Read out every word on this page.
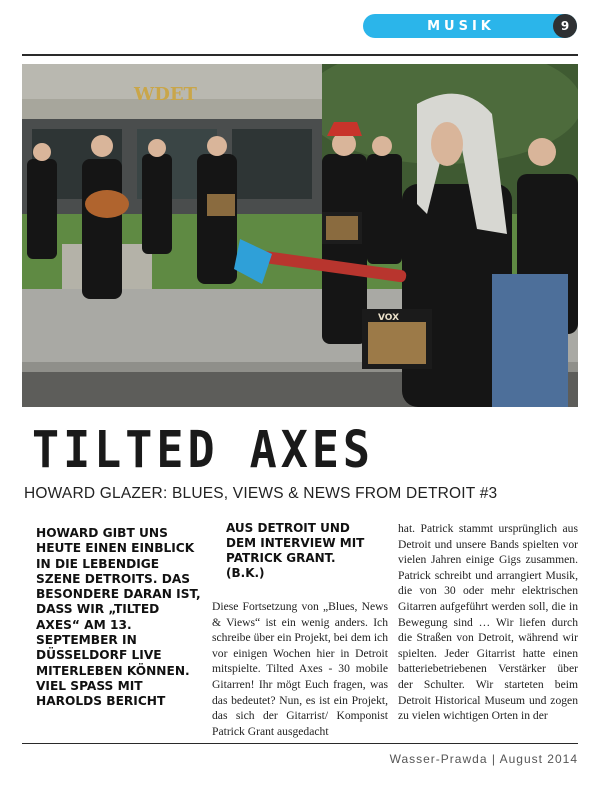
MUSIK	9
WDET
VOX
TILTED AXES
HOWARD GLAZER: BLUES, VIEWS & NEWS FROM DETROIT #3
HOWARD GIBT UNS HEUTE EINEN EINBLICK IN DIE LEBENDIGE SZENE DETROITS. DAS BESONDERE DARAN IST, DASS WIR „TILTED AXES“ AM 13. SEPTEMBER IN DÜSSELDORF LIVE MITERLEBEN KÖNNEN. VIEL SPASS MIT HAROLDS BERICHT
AUS DETROIT UND DEM INTERVIEW MIT PATRICK GRANT. (B.K.)
Diese Fortsetzung von „Blues, News & Views“ ist ein wenig anders. Ich schreibe über ein Projekt, bei dem ich vor einigen Wochen hier in Detroit mitspielte. Tilted Axes - 30 mobile Gitarren! Ihr mögt Euch fragen, was das bedeutet? Nun, es ist ein Projekt, das sich der Gitarrist/ Komponist Patrick Grant ausgedacht
hat. Patrick stammt ursprünglich aus Detroit und unsere Bands spielten vor vielen Jahren einige Gigs zusammen. Patrick schreibt und arrangiert Musik, die von 30 oder mehr elektrischen Gitarren aufgeführt werden soll, die in Bewegung sind … Wir liefen durch die Straßen von Detroit, während wir spielten. Jeder Gitarrist hatte einen batteriebetriebenen Verstärker über der Schulter. Wir starteten beim Detroit Historical Museum und zogen zu vielen wichtigen Orten in der
Wasser-Prawda | August 2014
